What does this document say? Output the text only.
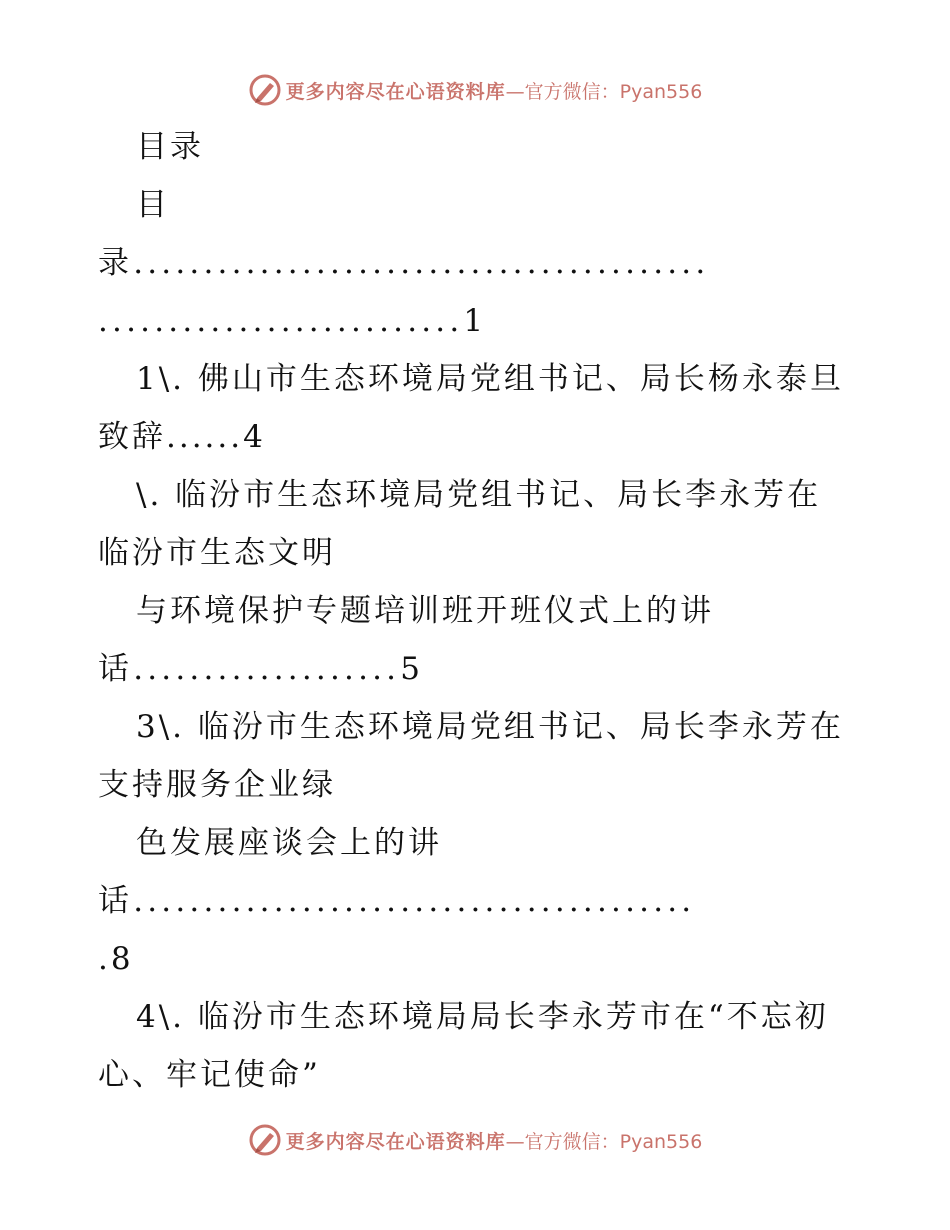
更多内容尽在心语资料库 —官方微信：Pyan556
目录
目
录.........................................
..........................1
1\. 佛山市生态环境局党组书记、局长杨永泰旦
致辞......4
\. 临汾市生态环境局党组书记、局长李永芳在
临汾市生态文明
与环境保护专题培训班开班仪式上的讲
话...................5
3\. 临汾市生态环境局党组书记、局长李永芳在
支持服务企业绿
色发展座谈会上的讲
话........................................
.8
4\. 临汾市生态环境局局长李永芳市在“不忘初
心、牢记使命”
更多内容尽在心语资料库 —官方微信：Pyan556
